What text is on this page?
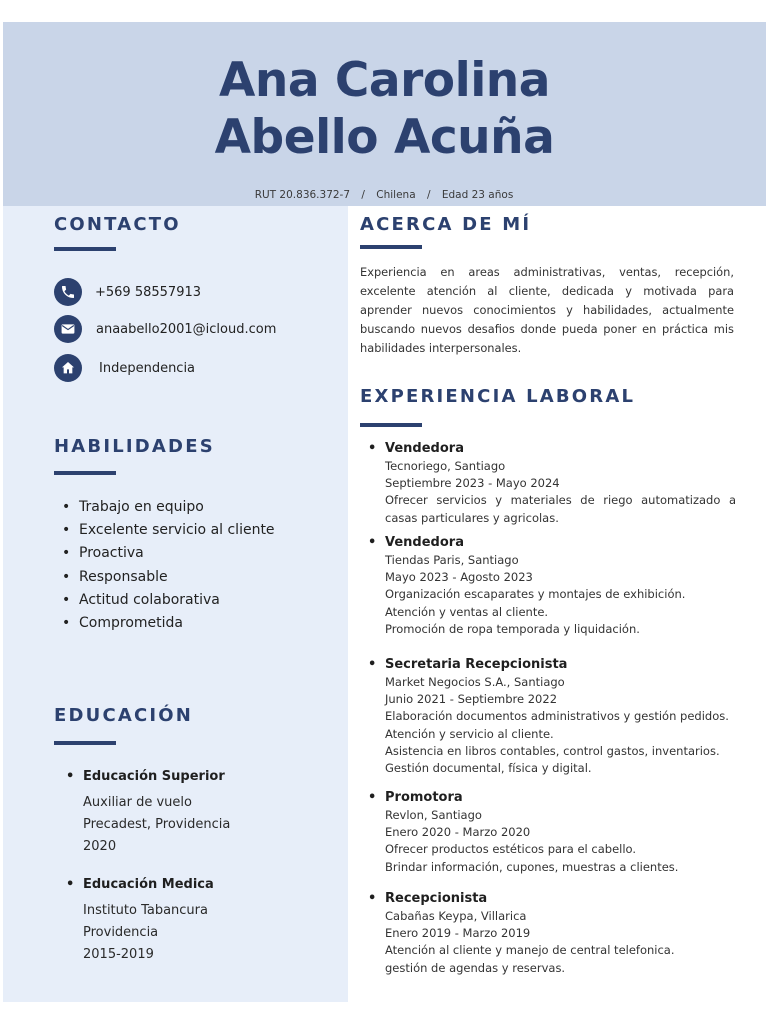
Ana Carolina
Abello Acuña
RUT 20.836.372-7 / Chilena / Edad 23 años
CONTACTO
+569 58557913
anaabello2001@icloud.com
Independencia
HABILIDADES
• Trabajo en equipo
• Excelente servicio al cliente
• Proactiva
• Responsable
• Actitud colaborativa
• Comprometida
EDUCACIÓN
• Educación Superior
Auxiliar de vuelo
Precadest, Providencia
2020
• Educación Medica
Instituto Tabancura
Providencia
2015-2019
ACERCA DE MÍ
Experiencia en areas administrativas, ventas, recepción, excelente atención al cliente, dedicada y motivada para aprender nuevos conocimientos y habilidades, actualmente buscando nuevos desafios donde pueda poner en práctica mis habilidades interpersonales.
EXPERIENCIA LABORAL
• Vendedora
Tecnoriego, Santiago
Septiembre 2023 - Mayo 2024
Ofrecer servicios y materiales de riego automatizado a casas particulares y agricolas.
• Vendedora
Tiendas Paris, Santiago
Mayo 2023 - Agosto 2023
Organización escaparates y montajes de exhibición.
Atención y ventas al cliente.
Promoción de ropa temporada y liquidación.
• Secretaria Recepcionista
Market Negocios S.A., Santiago
Junio 2021 - Septiembre 2022
Elaboración documentos administrativos y gestión pedidos.
Atención y servicio al cliente.
Asistencia en libros contables, control gastos, inventarios.
Gestión documental, física y digital.
• Promotora
Revlon, Santiago
Enero 2020 - Marzo 2020
Ofrecer productos estéticos para el cabello.
Brindar información, cupones, muestras a clientes.
• Recepcionista
Cabañas Keypa, Villarica
Enero 2019 - Marzo 2019
Atención al cliente y manejo de central telefonica.
gestión de agendas y reservas.
